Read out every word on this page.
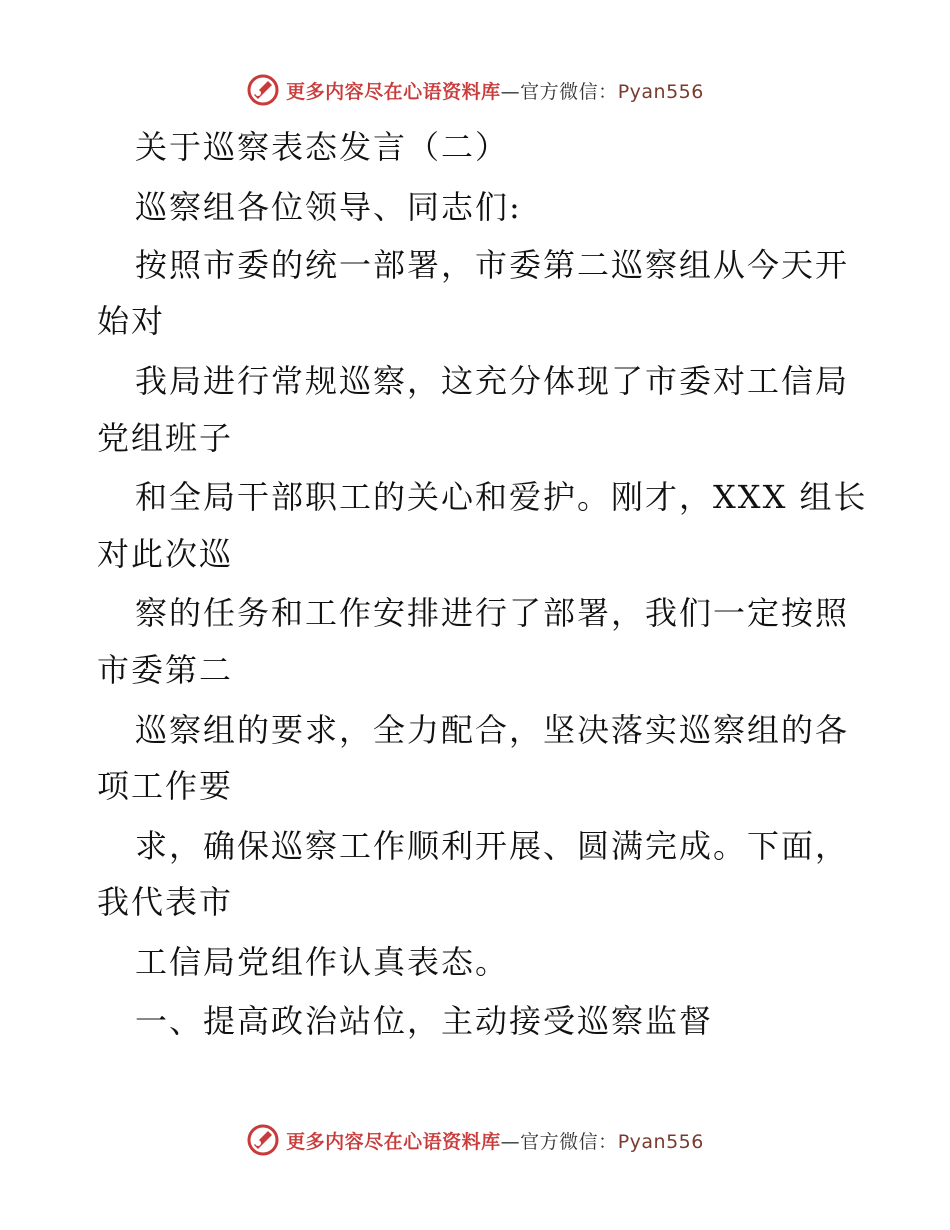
更多内容尽在心语资料库—官方微信：Pyan556
关于巡察表态发言（二）
巡察组各位领导、同志们:
按照市委的统一部署，市委第二巡察组从今天开
始对
我局进行常规巡察，这充分体现了市委对工信局
党组班子
和全局干部职工的关心和爱护。刚才，XXX 组长
对此次巡
察的任务和工作安排进行了部署，我们一定按照
市委第二
巡察组的要求，全力配合，坚决落实巡察组的各
项工作要
求，确保巡察工作顺利开展、圆满完成。下面，
我代表市
工信局党组作认真表态。
一、提高政治站位，主动接受巡察监督
更多内容尽在心语资料库—官方微信：Pyan556
